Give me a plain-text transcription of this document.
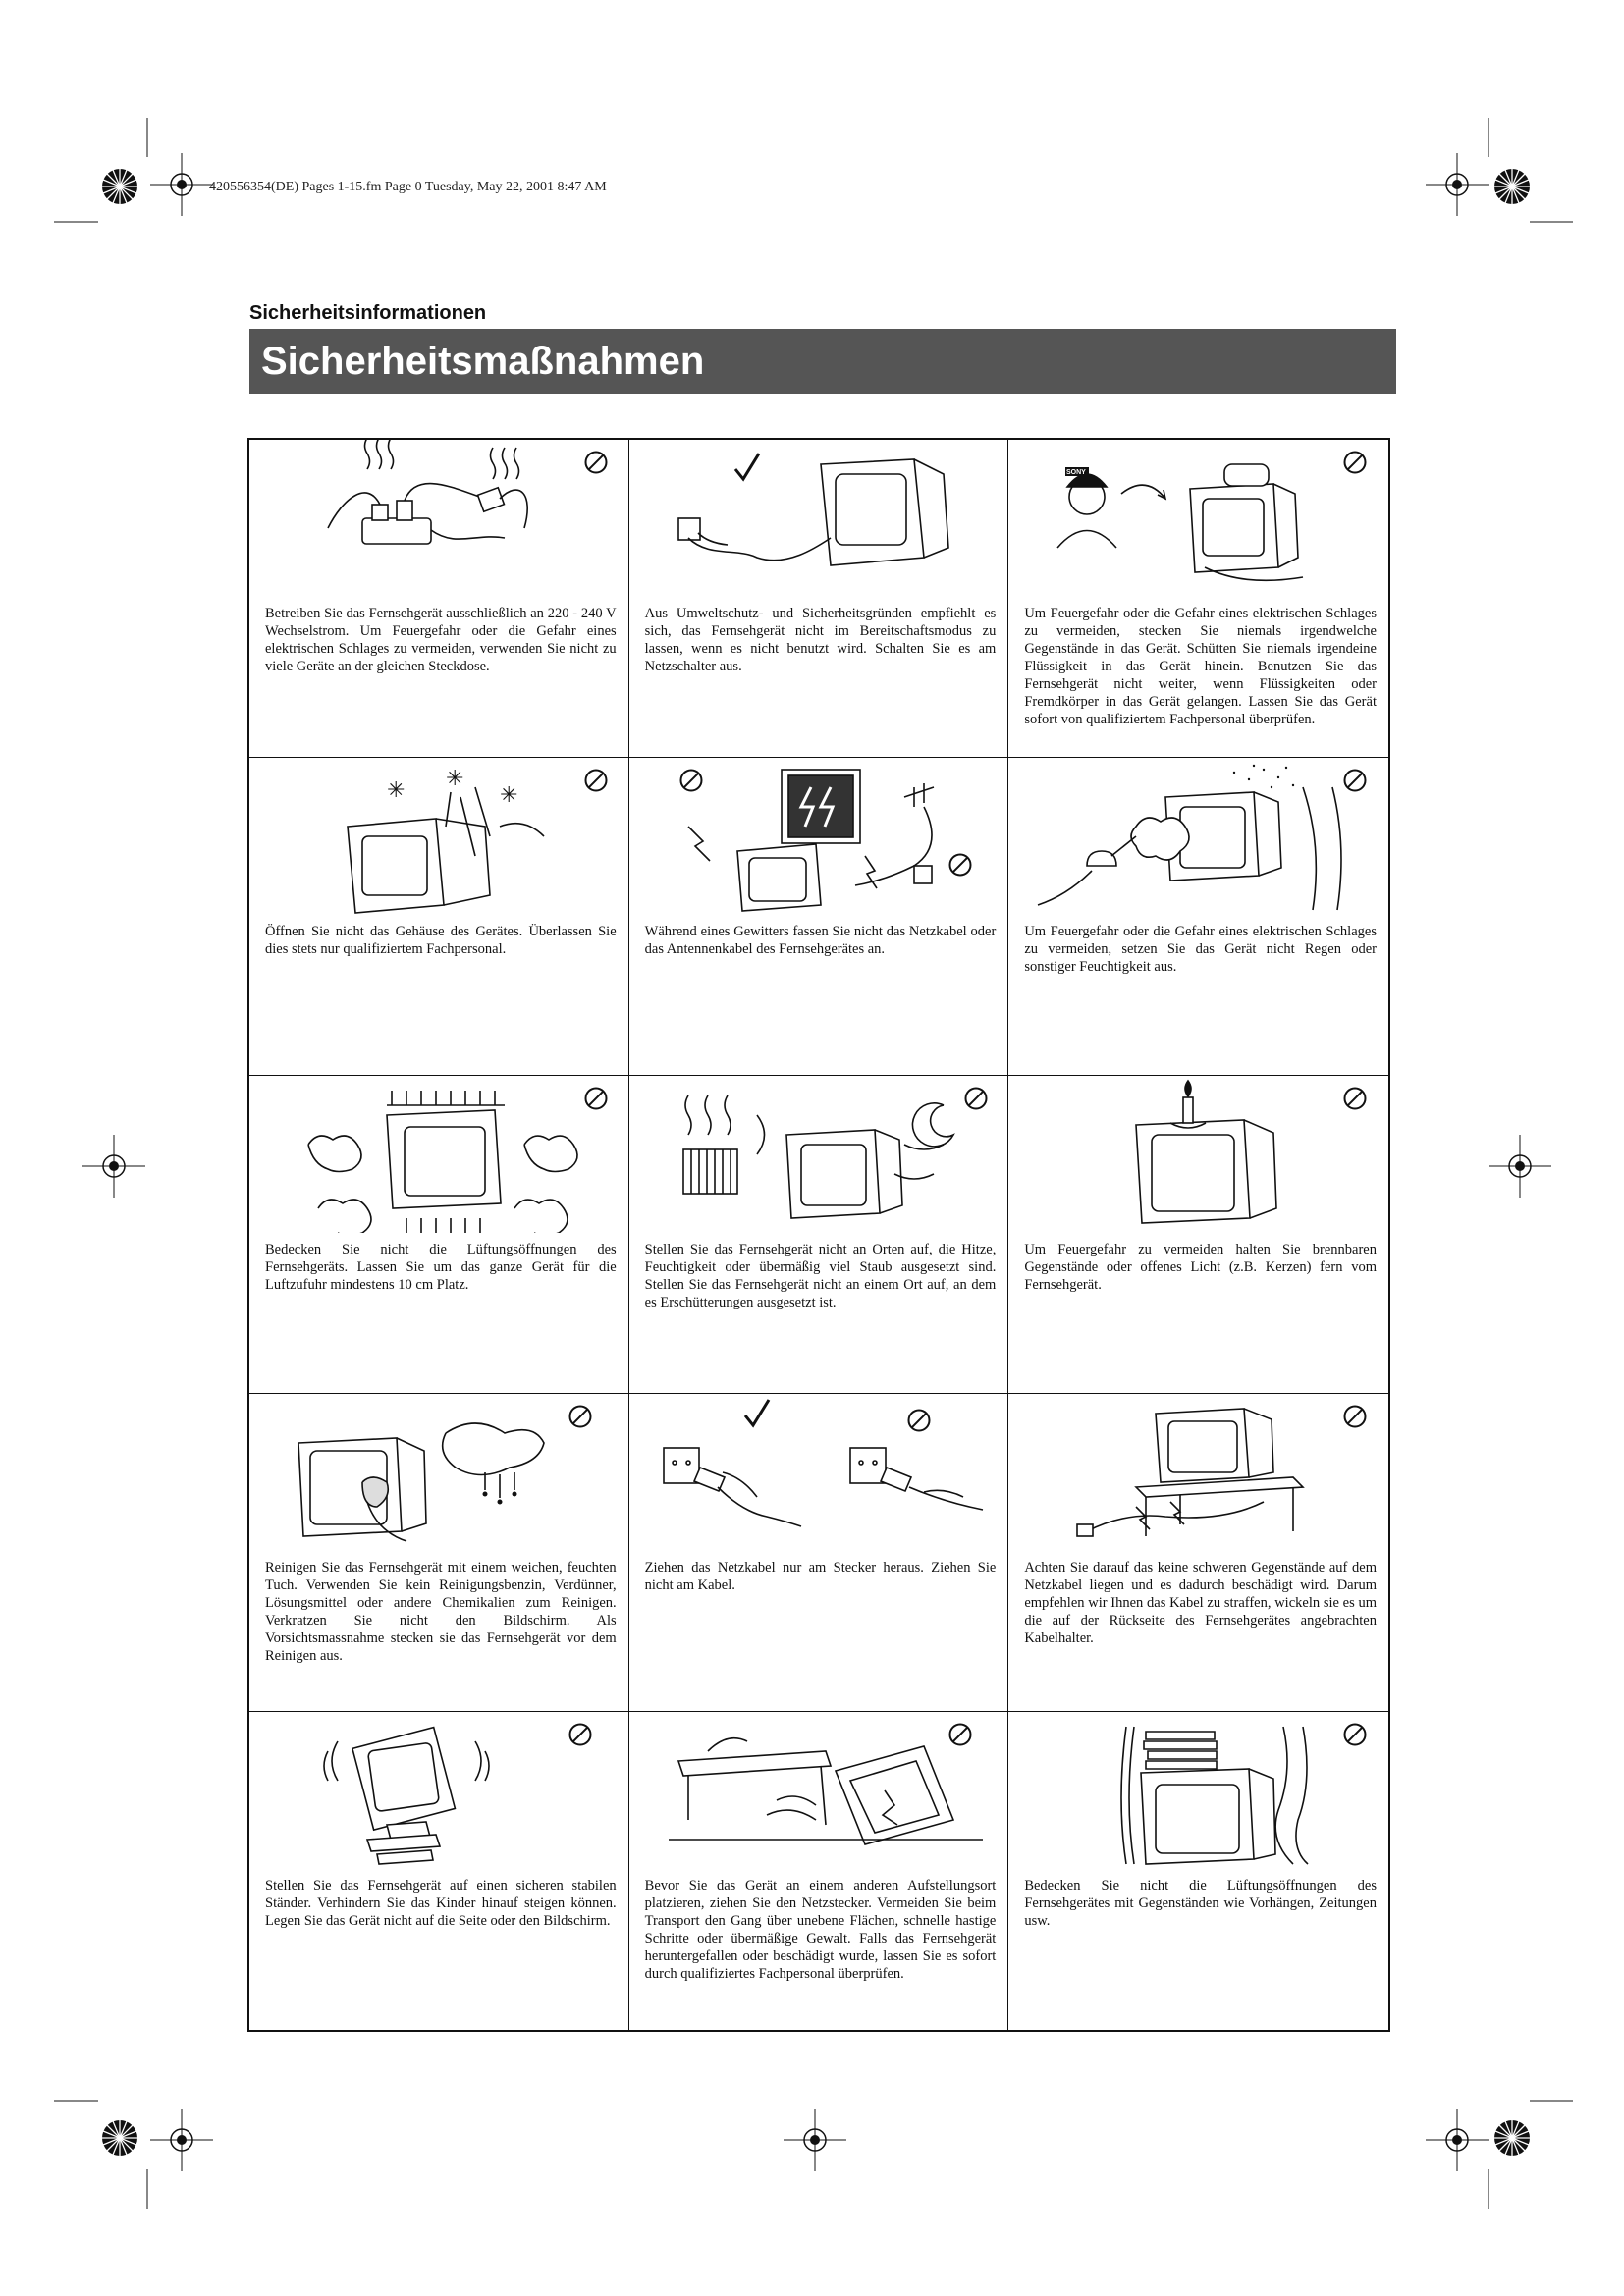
420556354(DE) Pages 1-15.fm Page 0 Tuesday, May 22, 2001 8:47 AM
Sicherheitsinformationen
Sicherheitsmaßnahmen
Betreiben Sie das Fernsehgerät ausschließlich an 220 - 240 V Wechselstrom. Um Feuergefahr oder die Gefahr eines elektrischen Schlages zu vermeiden, verwenden Sie nicht zu viele Geräte an der gleichen Steckdose.
Aus Umweltschutz- und Sicherheitsgründen empfiehlt es sich, das Fernsehgerät nicht im Bereitschaftsmodus zu lassen, wenn es nicht benutzt wird. Schalten Sie es am Netzschalter aus.
SONY
Um Feuergefahr oder die Gefahr eines elektrischen Schlages zu vermeiden, stecken Sie niemals irgendwelche Gegenstände in das Gerät. Schütten Sie niemals irgendeine Flüssigkeit in das Gerät hinein. Benutzen Sie das Fernsehgerät nicht weiter, wenn Flüssigkeiten oder Fremdkörper in das Gerät gelangen. Lassen Sie das Gerät sofort von qualifiziertem Fachpersonal überprüfen.
✳ ✳
✳
Öffnen Sie nicht das Gehäuse des Gerätes. Überlassen Sie dies stets nur qualifiziertem Fachpersonal.
Während eines Gewitters fassen Sie nicht das Netzkabel oder das Antennenkabel des Fernsehgerätes an.
Um Feuergefahr oder die Gefahr eines elektrischen Schlages zu vermeiden, setzen Sie das Gerät nicht Regen oder sonstiger Feuchtigkeit aus.
Bedecken Sie nicht die Lüftungsöffnungen des Fernsehgeräts. Lassen Sie um das ganze Gerät für die Luftzufuhr mindestens 10 cm Platz.
Stellen Sie das Fernsehgerät nicht an Orten auf, die Hitze, Feuchtigkeit oder übermäßig viel Staub ausgesetzt sind. Stellen Sie das Fernsehgerät nicht an einem Ort auf, an dem es Erschütterungen ausgesetzt ist.
Um Feuergefahr zu vermeiden halten Sie brennbaren Gegenstände oder offenes Licht (z.B. Kerzen) fern vom Fernsehgerät.
Reinigen Sie das Fernsehgerät mit einem weichen, feuchten Tuch. Verwenden Sie kein Reinigungsbenzin, Verdünner, Lösungsmittel oder andere Chemikalien zum Reinigen. Verkratzen Sie nicht den Bildschirm. Als Vorsichtsmassnahme stecken sie das Fernsehgerät vor dem Reinigen aus.
Ziehen das Netzkabel nur am Stecker heraus. Ziehen Sie nicht am Kabel.
Achten Sie darauf das keine schweren Gegenstände auf dem Netzkabel liegen und es dadurch beschädigt wird. Darum empfehlen wir Ihnen das Kabel zu straffen, wickeln sie es um die auf der Rückseite des Fernsehgerätes angebrachten Kabelhalter.
Stellen Sie das Fernsehgerät auf einen sicheren stabilen Ständer. Verhindern Sie das Kinder hinauf steigen können. Legen Sie das Gerät nicht auf die Seite oder den Bildschirm.
Bevor Sie das Gerät an einem anderen Aufstellungsort platzieren, ziehen Sie den Netzstecker. Vermeiden Sie beim Transport den Gang über unebene Flächen, schnelle hastige Schritte oder übermäßige Gewalt. Falls das Fernsehgerät heruntergefallen oder beschädigt wurde, lassen Sie es sofort durch qualifiziertes Fachpersonal überprüfen.
Bedecken Sie nicht die Lüftungsöffnungen des Fernsehgerätes mit Gegenständen wie Vorhängen, Zeitungen usw.
